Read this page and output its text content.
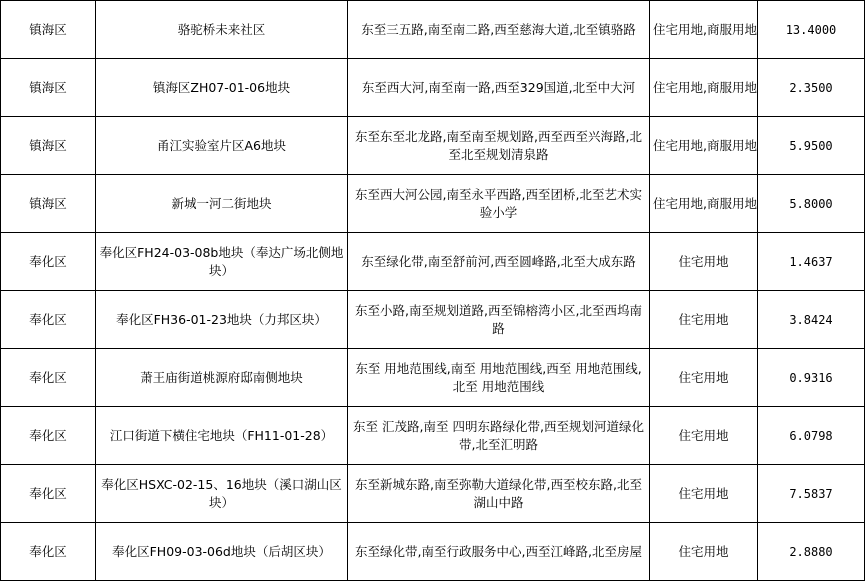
镇海区	骆驼桥未来社区	东至三五路,南至南二路,西至慈海大道,北至镇骆路	住宅用地,商服用地	13.4000
镇海区	镇海区ZH07-01-06地块	东至西大河,南至南一路,西至329国道,北至中大河	住宅用地,商服用地	2.3500
镇海区	甬江实验室片区A6地块	东至东至北龙路,南至南至规划路,西至西至兴海路,北至北至规划清泉路	住宅用地,商服用地	5.9500
镇海区	新城一河二街地块	东至西大河公园,南至永平西路,西至团桥,北至艺术实验小学	住宅用地,商服用地	5.8000
奉化区	奉化区FH24-03-08b地块（奉达广场北侧地块）	东至绿化带,南至舒前河,西至圆峰路,北至大成东路	住宅用地	1.4637
奉化区	奉化区FH36-01-23地块（力邦区块）	东至小路,南至规划道路,西至锦榕湾小区,北至西坞南路	住宅用地	3.8424
奉化区	萧王庙街道桃源府邸南侧地块	东至 用地范围线,南至 用地范围线,西至 用地范围线,北至 用地范围线	住宅用地	0.9316
奉化区	江口街道下横住宅地块（FH11-01-28）	东至 汇茂路,南至 四明东路绿化带,西至规划河道绿化带,北至汇明路	住宅用地	6.0798
奉化区	奉化区HSXC-02-15、16地块（溪口湖山区块）	东至新城东路,南至弥勒大道绿化带,西至校东路,北至湖山中路	住宅用地	7.5837
奉化区	奉化区FH09-03-06d地块（后胡区块）	东至绿化带,南至行政服务中心,西至江峰路,北至房屋	住宅用地	2.8880
